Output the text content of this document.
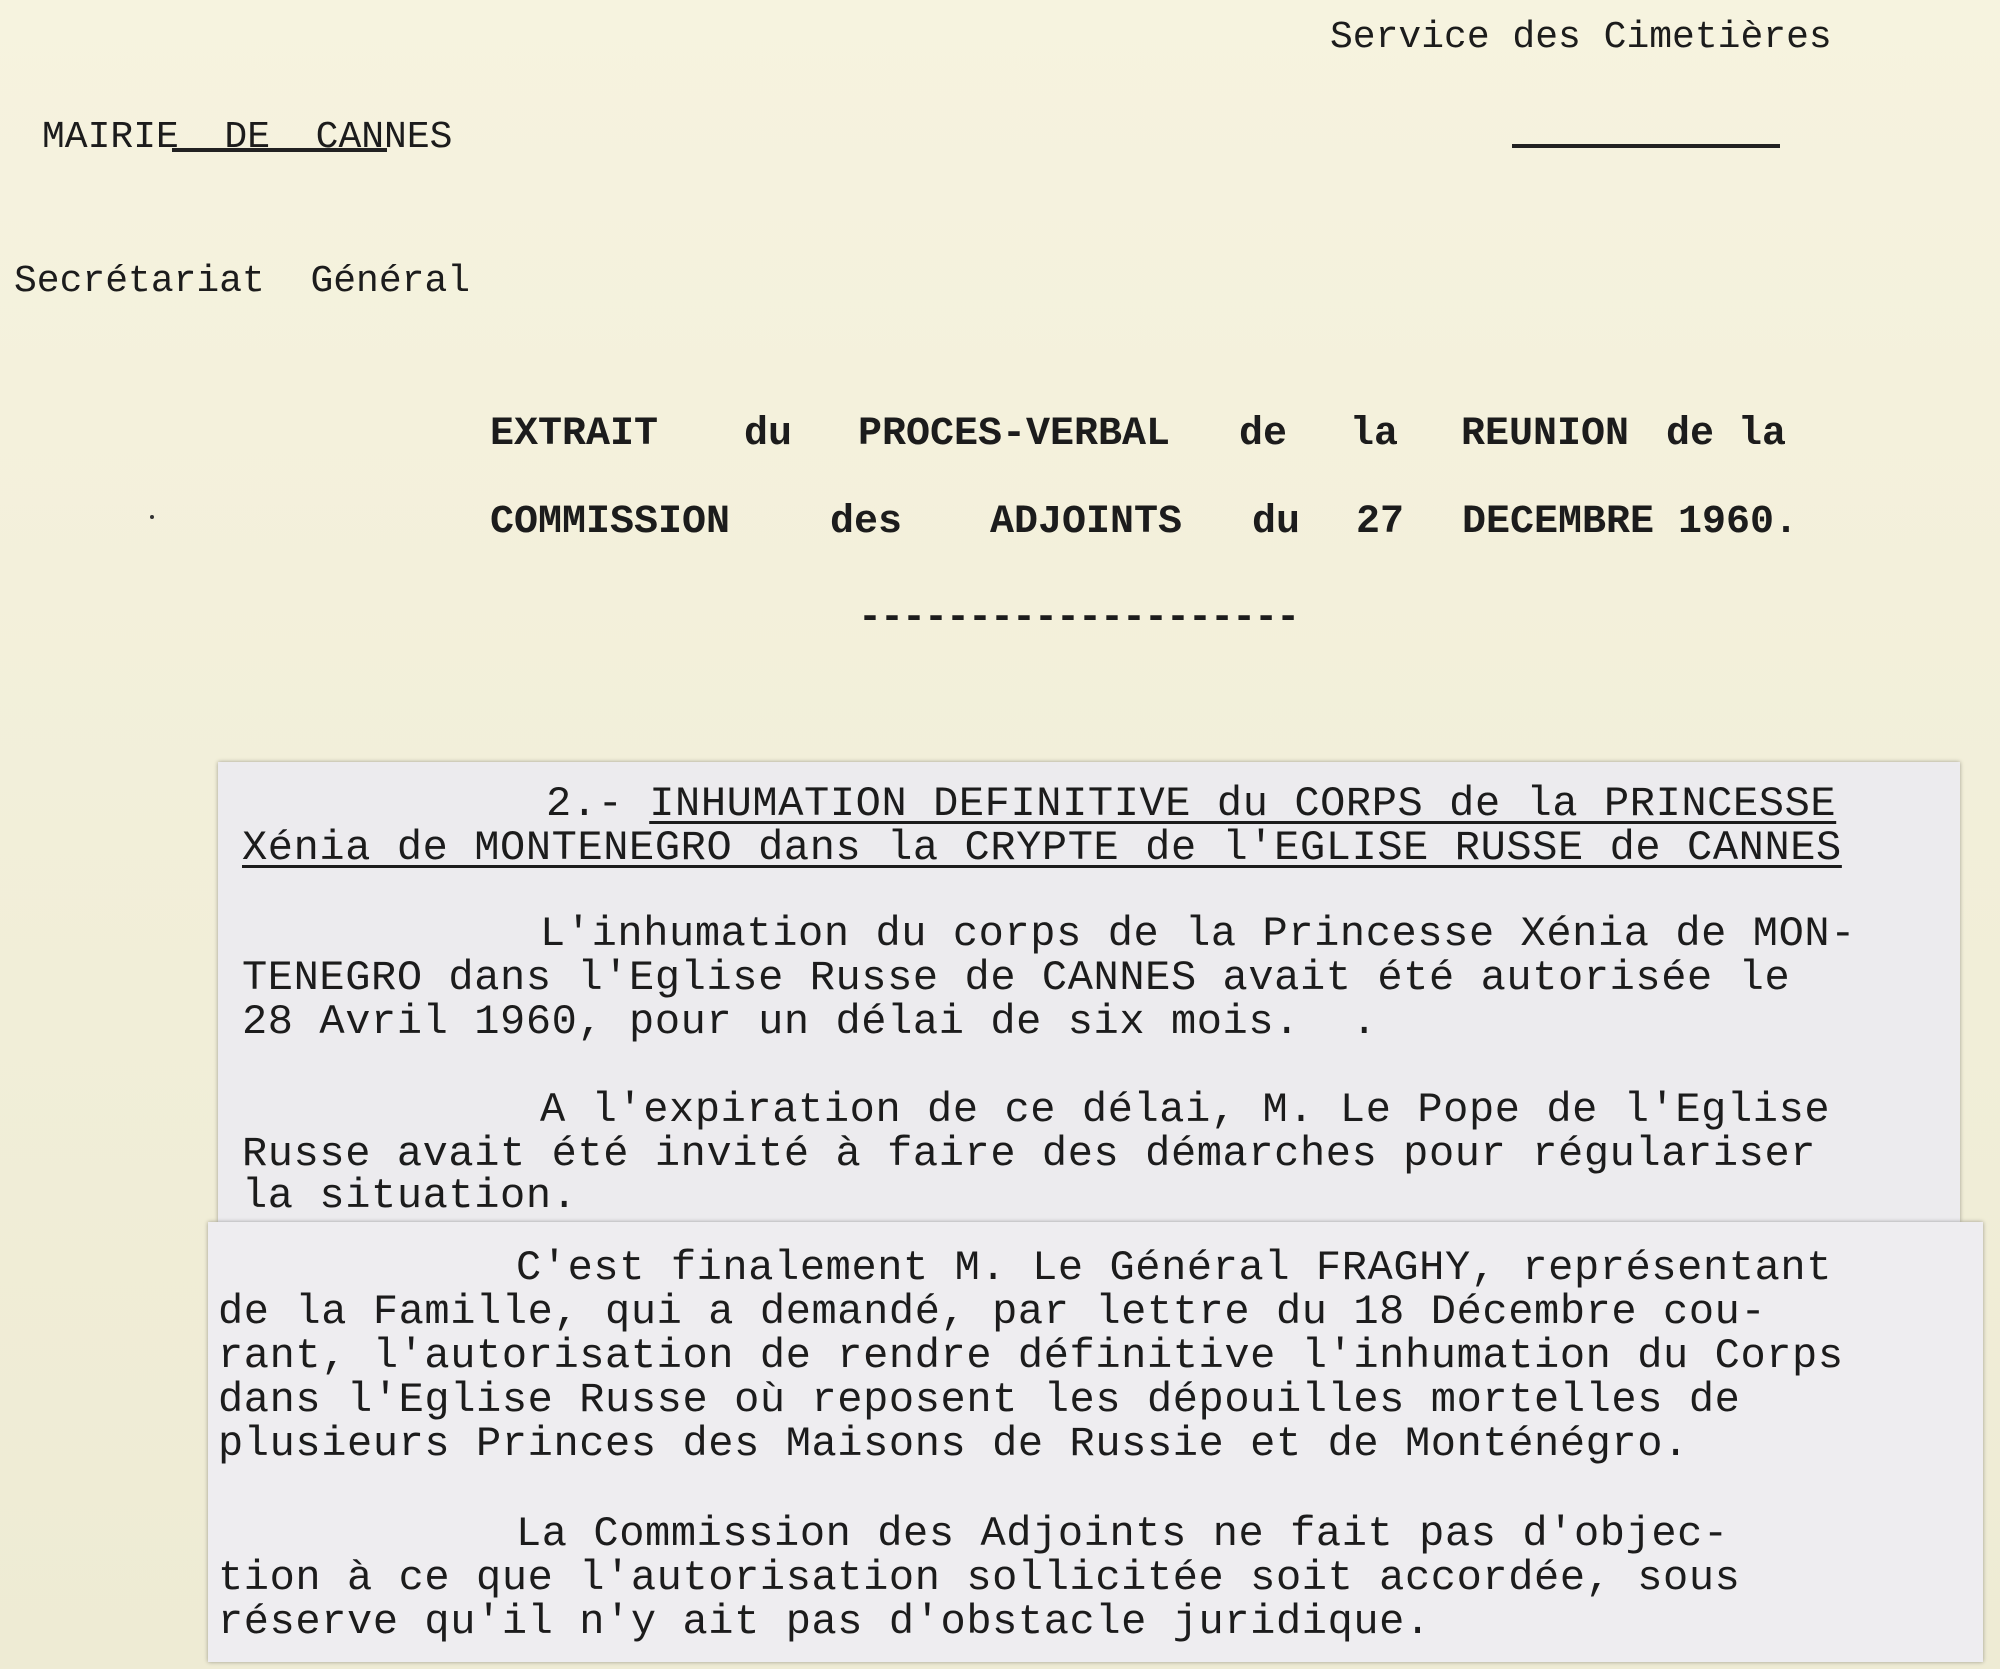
MAIRIE  DE  CANNES

Secrétariat  Général

Service des Cimetières
EXTRAIT du PROCES-VERBAL de la REUNION de la
COMMISSION des ADJOINTS du 27 DECEMBRE 1960.
--------------------
2.- INHUMATION DEFINITIVE du CORPS de la PRINCESSE
Xénia de MONTENEGRO dans la CRYPTE de l'EGLISE RUSSE de CANNES
L'inhumation du corps de la Princesse Xénia de MON-
TENEGRO dans l'Eglise Russe de CANNES avait été autorisée le
28 Avril 1960, pour un délai de six mois.  .
A l'expiration de ce délai, M. Le Pope de l'Eglise
Russe avait été invité à faire des démarches pour régulariser
la situation.
C'est finalement M. Le Général FRAGHY, représentant
de la Famille, qui a demandé, par lettre du 18 Décembre cou-
rant, l'autorisation de rendre définitive l'inhumation du Corps
dans l'Eglise Russe où reposent les dépouilles mortelles de
plusieurs Princes des Maisons de Russie et de Monténégro.
La Commission des Adjoints ne fait pas d'objec-
tion à ce que l'autorisation sollicitée soit accordée, sous
réserve qu'il n'y ait pas d'obstacle juridique.
